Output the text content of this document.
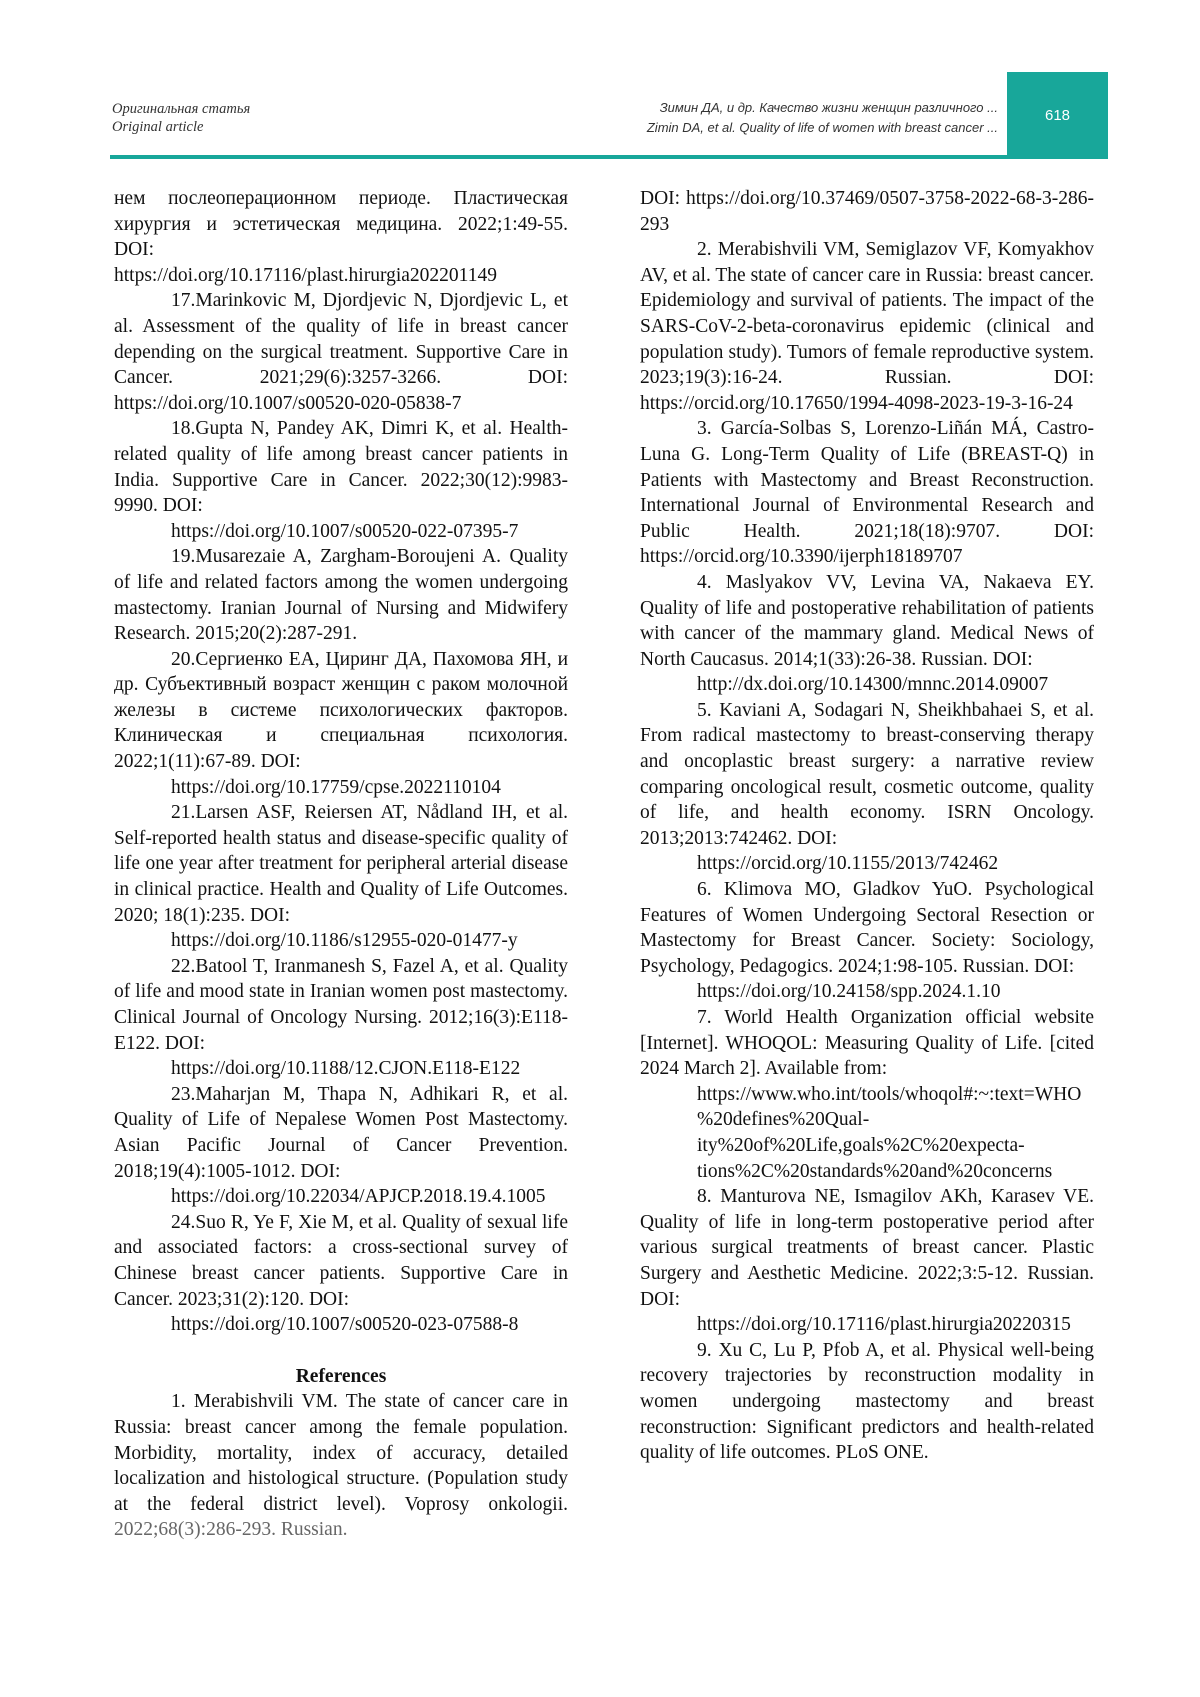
Оригинальная статья
Original article
Зимин ДА, и др. Качество жизни женщин различного ...
Zimin DA, et al. Quality of life of women with breast cancer ...
618

нем послеоперационном периоде. Пластическая хирургия и эстетическая медицина. 2022;1:49-55. DOI:
https://doi.org/10.17116/plast.hirurgia202201149

17.Marinkovic M, Djordjevic N, Djordjevic L, et al. Assessment of the quality of life in breast cancer depending on the surgical treatment. Supportive Care in Cancer. 2021;29(6):3257-3266. DOI: https://doi.org/10.1007/s00520-020-05838-7

18.Gupta N, Pandey AK, Dimri K, et al. Health-related quality of life among breast cancer patients in India. Supportive Care in Cancer. 2022;30(12):9983-9990. DOI:
https://doi.org/10.1007/s00520-022-07395-7

19.Musarezaie A, Zargham-Boroujeni A. Quality of life and related factors among the women undergoing mastectomy. Iranian Journal of Nursing and Midwifery Research. 2015;20(2):287-291.

20.Сергиенко ЕА, Циринг ДА, Пахомова ЯН, и др. Субъективный возраст женщин с раком молочной железы в системе психологических факторов. Клиническая и специальная психология. 2022;1(11):67-89. DOI:
https://doi.org/10.17759/cpse.2022110104

21.Larsen ASF, Reiersen AT, Nådland IH, et al. Self-reported health status and disease-specific quality of life one year after treatment for peripheral arterial disease in clinical practice. Health and Quality of Life Outcomes. 2020; 18(1):235. DOI:
https://doi.org/10.1186/s12955-020-01477-y

22.Batool T, Iranmanesh S, Fazel A, et al. Quality of life and mood state in Iranian women post mastectomy. Clinical Journal of Oncology Nursing. 2012;16(3):E118-E122. DOI:
https://doi.org/10.1188/12.CJON.E118-E122

23.Maharjan M, Thapa N, Adhikari R, et al. Quality of Life of Nepalese Women Post Mastectomy. Asian Pacific Journal of Cancer Prevention. 2018;19(4):1005-1012. DOI:
https://doi.org/10.22034/APJCP.2018.19.4.1005

24.Suo R, Ye F, Xie M, et al. Quality of sexual life and associated factors: a cross-sectional survey of Chinese breast cancer patients. Supportive Care in Cancer. 2023;31(2):120. DOI:
https://doi.org/10.1007/s00520-023-07588-8

References

1. Merabishvili VM. The state of cancer care in Russia: breast cancer among the female population. Morbidity, mortality, index of accuracy, detailed localization and histological structure. (Population study at the federal district level). Voprosy onkologii. 2022;68(3):286-293. Russian.

DOI: https://doi.org/10.37469/0507-3758-2022-68-3-286-293

2. Merabishvili VM, Semiglazov VF, Komyakhov AV, et al. The state of cancer care in Russia: breast cancer. Epidemiology and survival of patients. The impact of the SARS-CoV-2-beta-coronavirus epidemic (clinical and population study). Tumors of female reproductive system. 2023;19(3):16-24. Russian. DOI: https://orcid.org/10.17650/1994-4098-2023-19-3-16-24

3. García-Solbas S, Lorenzo-Liñán MÁ, Castro-Luna G. Long-Term Quality of Life (BREAST-Q) in Patients with Mastectomy and Breast Reconstruction. International Journal of Environmental Research and Public Health. 2021;18(18):9707. DOI: https://orcid.org/10.3390/ijerph18189707

4. Maslyakov VV, Levina VA, Nakaeva EY. Quality of life and postoperative rehabilitation of patients with cancer of the mammary gland. Medical News of North Caucasus. 2014;1(33):26-38. Russian. DOI:
http://dx.doi.org/10.14300/mnnc.2014.09007

5. Kaviani A, Sodagari N, Sheikhbahaei S, et al. From radical mastectomy to breast-conserving therapy and oncoplastic breast surgery: a narrative review comparing oncological result, cosmetic outcome, quality of life, and health economy. ISRN Oncology. 2013;2013:742462. DOI:
https://orcid.org/10.1155/2013/742462

6. Klimova MO, Gladkov YuO. Psychological Features of Women Undergoing Sectoral Resection or Mastectomy for Breast Cancer. Society: Sociology, Psychology, Pedagogics. 2024;1:98-105. Russian. DOI:
https://doi.org/10.24158/spp.2024.1.10

7. World Health Organization official website [Internet]. WHOQOL: Measuring Quality of Life. [cited 2024 March 2]. Available from:
https://www.who.int/tools/whoqol#:~:text=WHO
%20defines%20Qual-
ity%20of%20Life,goals%2C%20expecta-
tions%2C%20standards%20and%20concerns

8. Manturova NE, Ismagilov AKh, Karasev VE. Quality of life in long-term postoperative period after various surgical treatments of breast cancer. Plastic Surgery and Aesthetic Medicine. 2022;3:5-12. Russian. DOI:
https://doi.org/10.17116/plast.hirurgia20220315

9. Xu C, Lu P, Pfob A, et al. Physical well-being recovery trajectories by reconstruction modality in women undergoing mastectomy and breast reconstruction: Significant predictors and health-related quality of life outcomes. PLoS ONE.
